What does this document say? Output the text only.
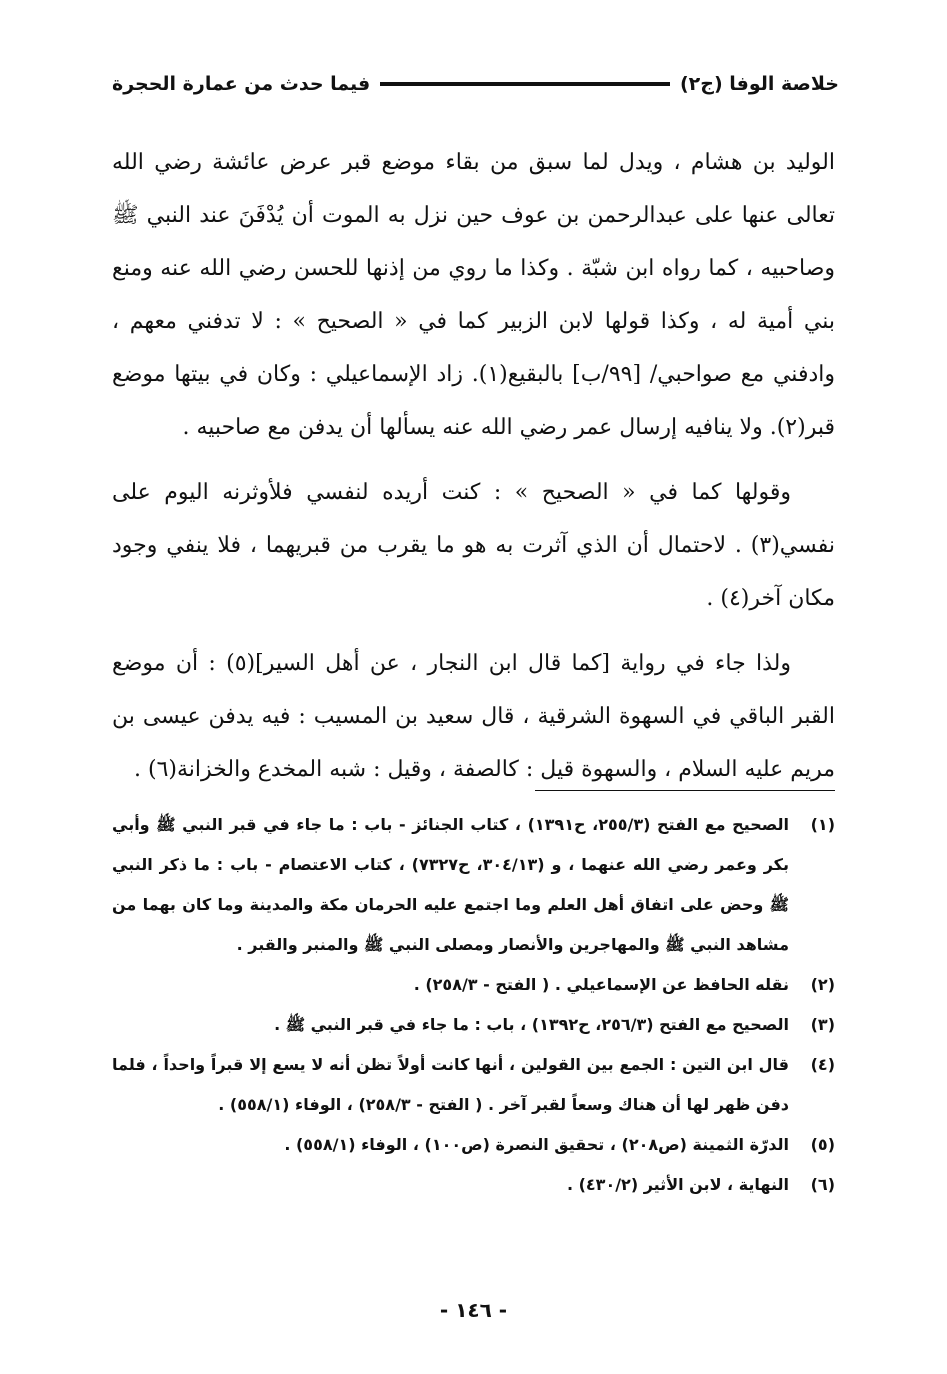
خلاصة الوفا (ج٢)
فيما حدث من عمارة الحجرة

الوليد بن هشام ، ويدل لما سبق من بقاء موضع قبر عرض عائشة رضي الله تعالى عنها على عبدالرحمن بن عوف حين نزل به الموت أن يُدْفَنَ عند النبي ﷺ وصاحبيه ، كما رواه ابن شبّة . وكذا ما روي من إذنها للحسن رضي الله عنه ومنع بني أمية له ، وكذا قولها لابن الزبير كما في « الصحيح » : لا تدفني معهم ، وادفني مع صواحبي/ [٩٩/ب] بالبقيع(١). زاد الإسماعيلي : وكان في بيتها موضع قبر(٢). ولا ينافيه إرسال عمر رضي الله عنه يسألها أن يدفن مع صاحبيه .

وقولها كما في « الصحيح » : كنت أريده لنفسي فلأوثرنه اليوم على نفسي(٣) . لاحتمال أن الذي آثرت به هو ما يقرب من قبريهما ، فلا ينفي وجود مكان آخر(٤) .

ولذا جاء في رواية [كما قال ابن النجار ، عن أهل السير](٥) : أن موضع القبر الباقي في السهوة الشرقية ، قال سعيد بن المسيب : فيه يدفن عيسى بن مريم عليه السلام ، والسهوة قيل : كالصفة ، وقيل : شبه المخدع والخزانة(٦) .

(١)
الصحيح مع الفتح (٢٥٥/٣، ح١٣٩١) ، كتاب الجنائز - باب : ما جاء في قبر النبي ﷺ وأبي بكر وعمر رضي الله عنهما ، و (٣٠٤/١٣، ح٧٣٢٧) ، كتاب الاعتصام - باب : ما ذكر النبي ﷺ وحض على اتفاق أهل العلم وما اجتمع عليه الحرمان مكة والمدينة وما كان بهما من مشاهد النبي ﷺ والمهاجرين والأنصار ومصلى النبي ﷺ والمنبر والقبر .
(٢)
نقله الحافظ عن الإسماعيلي . ( الفتح - ٢٥٨/٣) .
(٣)
الصحيح مع الفتح (٢٥٦/٣، ح١٣٩٢) ، باب : ما جاء في قبر النبي ﷺ .
(٤)
قال ابن التين : الجمع بين القولين ، أنها كانت أولاً تظن أنه لا يسع إلا قبراً واحداً ، فلما دفن ظهر لها أن هناك وسعاً لقبر آخر . ( الفتح - ٢٥٨/٣) ، الوفاء (٥٥٨/١) .
(٥)
الدرّة الثمينة (ص٢٠٨) ، تحقيق النصرة (ص١٠٠) ، الوفاء (٥٥٨/١) .
(٦)
النهاية ، لابن الأثير (٤٣٠/٢) .
- ١٤٦ -
